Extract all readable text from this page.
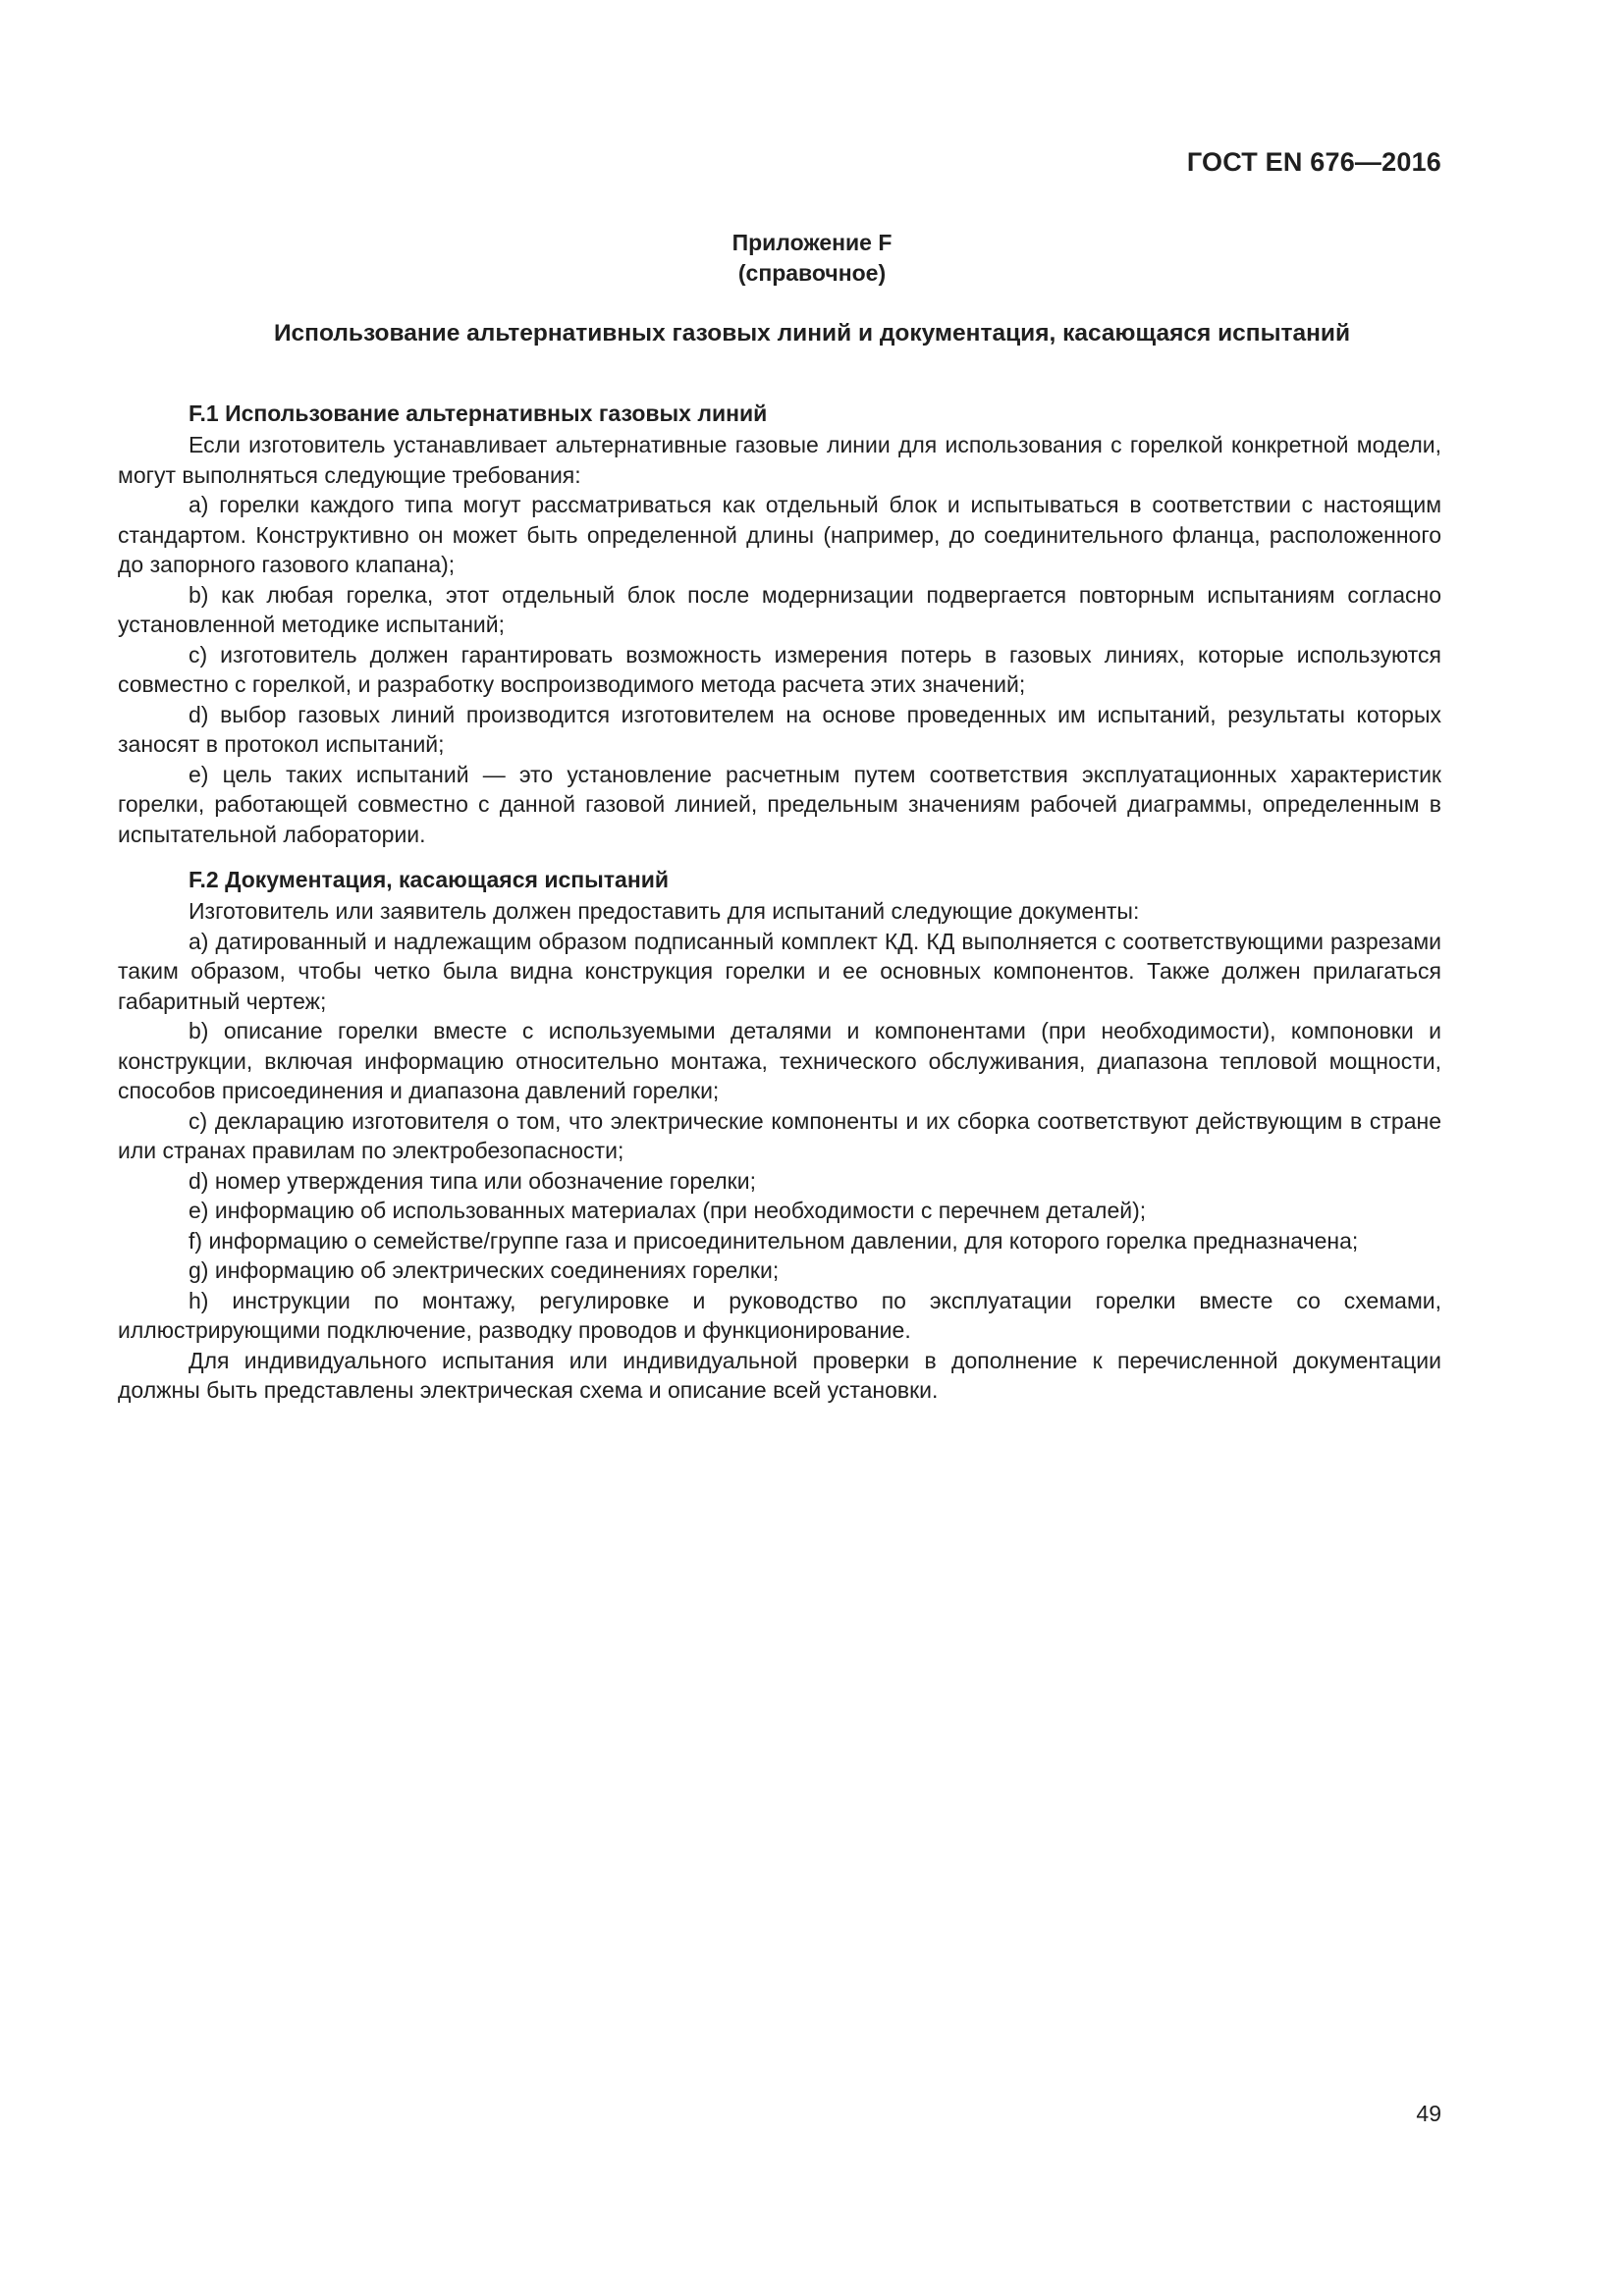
ГОСТ EN 676—2016
Приложение F
(справочное)
Использование альтернативных газовых линий и документация, касающаяся испытаний

F.1 Использование альтернативных газовых линий

Если изготовитель устанавливает альтернативные газовые линии для использования с горелкой конкретной модели, могут выполняться следующие требования:

a) горелки каждого типа могут рассматриваться как отдельный блок и испытываться в соответствии с настоящим стандартом. Конструктивно он может быть определенной длины (например, до соединительного фланца, расположенного до запорного газового клапана);

b) как любая горелка, этот отдельный блок после модернизации подвергается повторным испытаниям согласно установленной методике испытаний;

c) изготовитель должен гарантировать возможность измерения потерь в газовых линиях, которые используются совместно с горелкой, и разработку воспроизводимого метода расчета этих значений;

d) выбор газовых линий производится изготовителем на основе проведенных им испытаний, результаты которых заносят в протокол испытаний;

e) цель таких испытаний — это установление расчетным путем соответствия эксплуатационных характеристик горелки, работающей совместно с данной газовой линией, предельным значениям рабочей диаграммы, определенным в испытательной лаборатории.

F.2 Документация, касающаяся испытаний

Изготовитель или заявитель должен предоставить для испытаний следующие документы:

a) датированный и надлежащим образом подписанный комплект КД. КД выполняется с соответствующими разрезами таким образом, чтобы четко была видна конструкция горелки и ее основных компонентов. Также должен прилагаться габаритный чертеж;

b) описание горелки вместе с используемыми деталями и компонентами (при необходимости), компоновки и конструкции, включая информацию относительно монтажа, технического обслуживания, диапазона тепловой мощности, способов присоединения и диапазона давлений горелки;

c) декларацию изготовителя о том, что электрические компоненты и их сборка соответствуют действующим в стране или странах правилам по электробезопасности;

d) номер утверждения типа или обозначение горелки;

e) информацию об использованных материалах (при необходимости с перечнем деталей);

f) информацию о семействе/группе газа и присоединительном давлении, для которого горелка предназначена;

g) информацию об электрических соединениях горелки;

h) инструкции по монтажу, регулировке и руководство по эксплуатации горелки вместе со схемами, иллюстрирующими подключение, разводку проводов и функционирование.

Для индивидуального испытания или индивидуальной проверки в дополнение к перечисленной документации должны быть представлены электрическая схема и описание всей установки.

49
